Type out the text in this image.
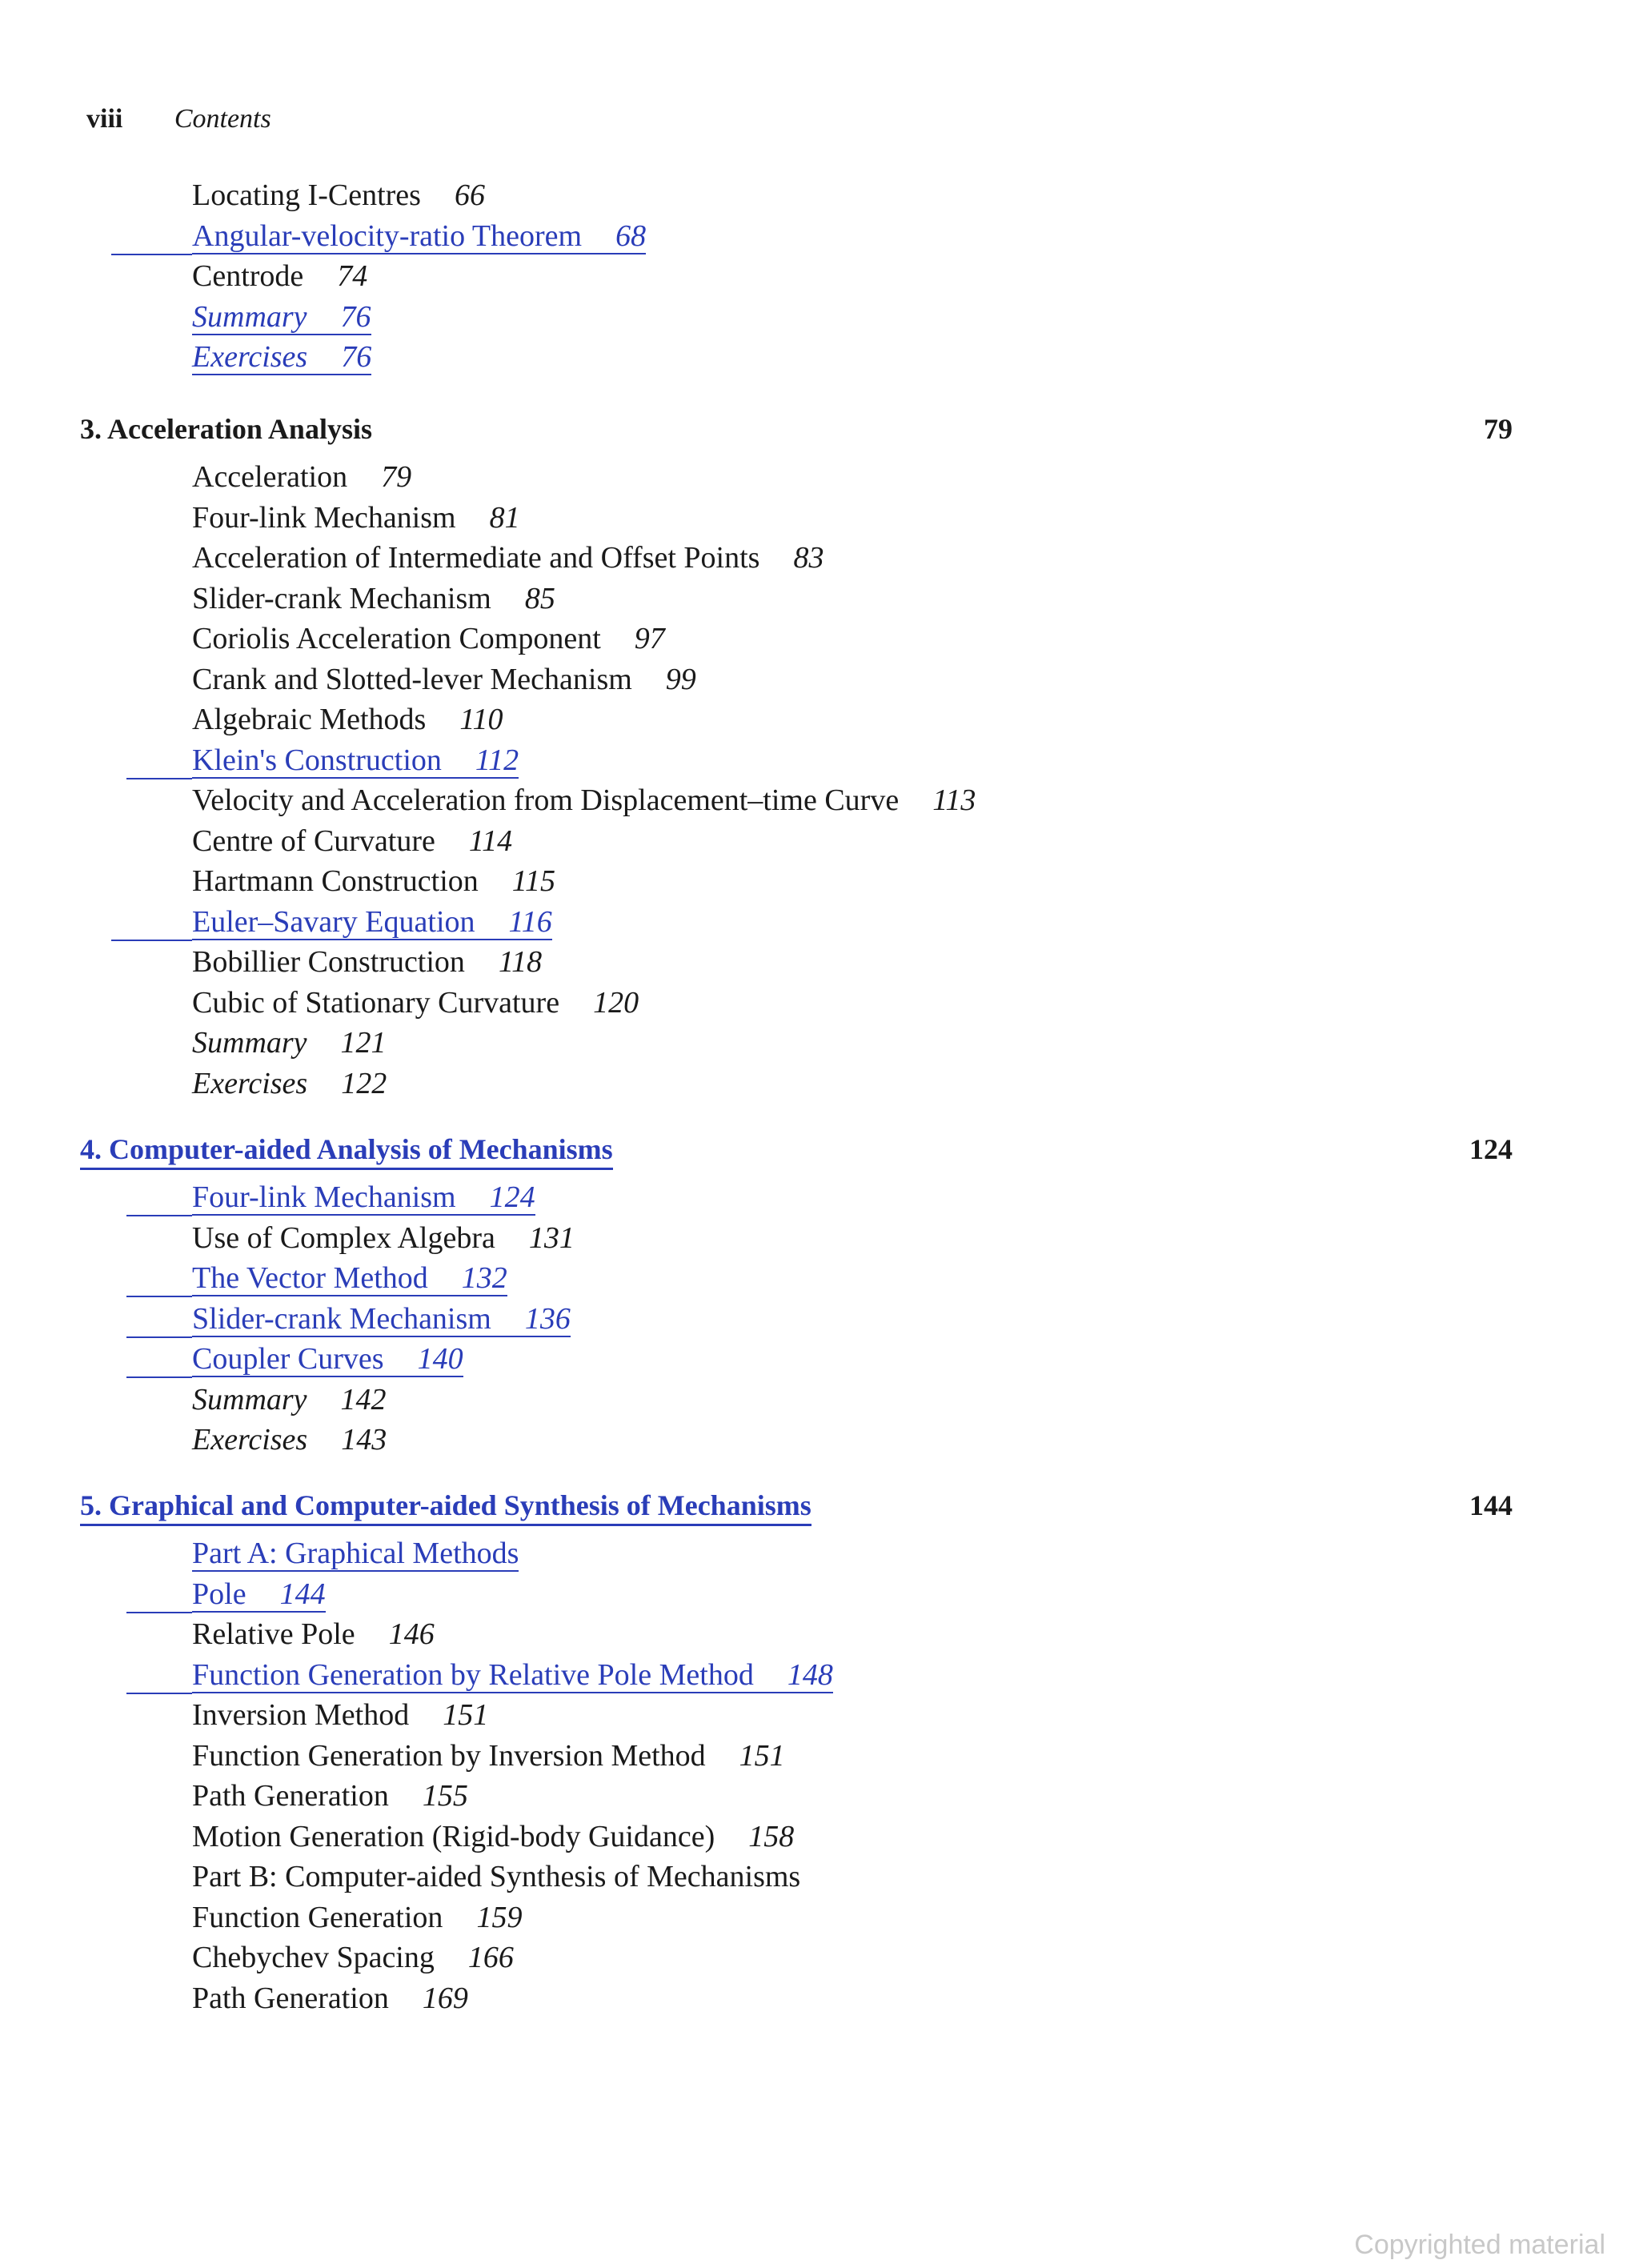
viii Contents
Locating I-Centres 66
Angular-velocity-ratio Theorem 68
Centrode 74
Summary 76
Exercises 76
3. Acceleration Analysis	79
Acceleration 79
Four-link Mechanism 81
Acceleration of Intermediate and Offset Points 83
Slider-crank Mechanism 85
Coriolis Acceleration Component 97
Crank and Slotted-lever Mechanism 99
Algebraic Methods 110
Klein's Construction 112
Velocity and Acceleration from Displacement–time Curve 113
Centre of Curvature 114
Hartmann Construction 115
Euler–Savary Equation 116
Bobillier Construction 118
Cubic of Stationary Curvature 120
Summary 121
Exercises 122
4. Computer-aided Analysis of Mechanisms	124
Four-link Mechanism 124
Use of Complex Algebra 131
The Vector Method 132
Slider-crank Mechanism 136
Coupler Curves 140
Summary 142
Exercises 143
5. Graphical and Computer-aided Synthesis of Mechanisms	144
Part A: Graphical Methods
Pole 144
Relative Pole 146
Function Generation by Relative Pole Method 148
Inversion Method 151
Function Generation by Inversion Method 151
Path Generation 155
Motion Generation (Rigid-body Guidance) 158
Part B: Computer-aided Synthesis of Mechanisms
Function Generation 159
Chebychev Spacing 166
Path Generation 169
Copyrighted material
